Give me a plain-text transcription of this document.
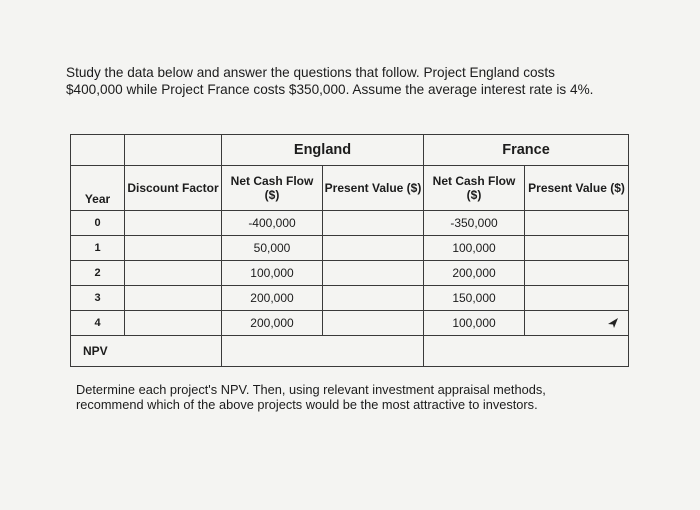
Study the data below and answer the questions that follow. Project England costs

$400,000 while Project France costs $350,000. Assume the average interest rate is 4%.

		England		France	
Year	Discount Factor	Net Cash Flow ($)	Present Value ($)	Net Cash Flow ($)	Present Value ($)
0		-400,000		-350,000	
1		50,000		100,000	
2		100,000		200,000	
3		200,000		150,000	
4		200,000		100,000	
NPV					

Determine each project's NPV. Then, using relevant investment appraisal methods,

recommend which of the above projects would be the most attractive to investors.
